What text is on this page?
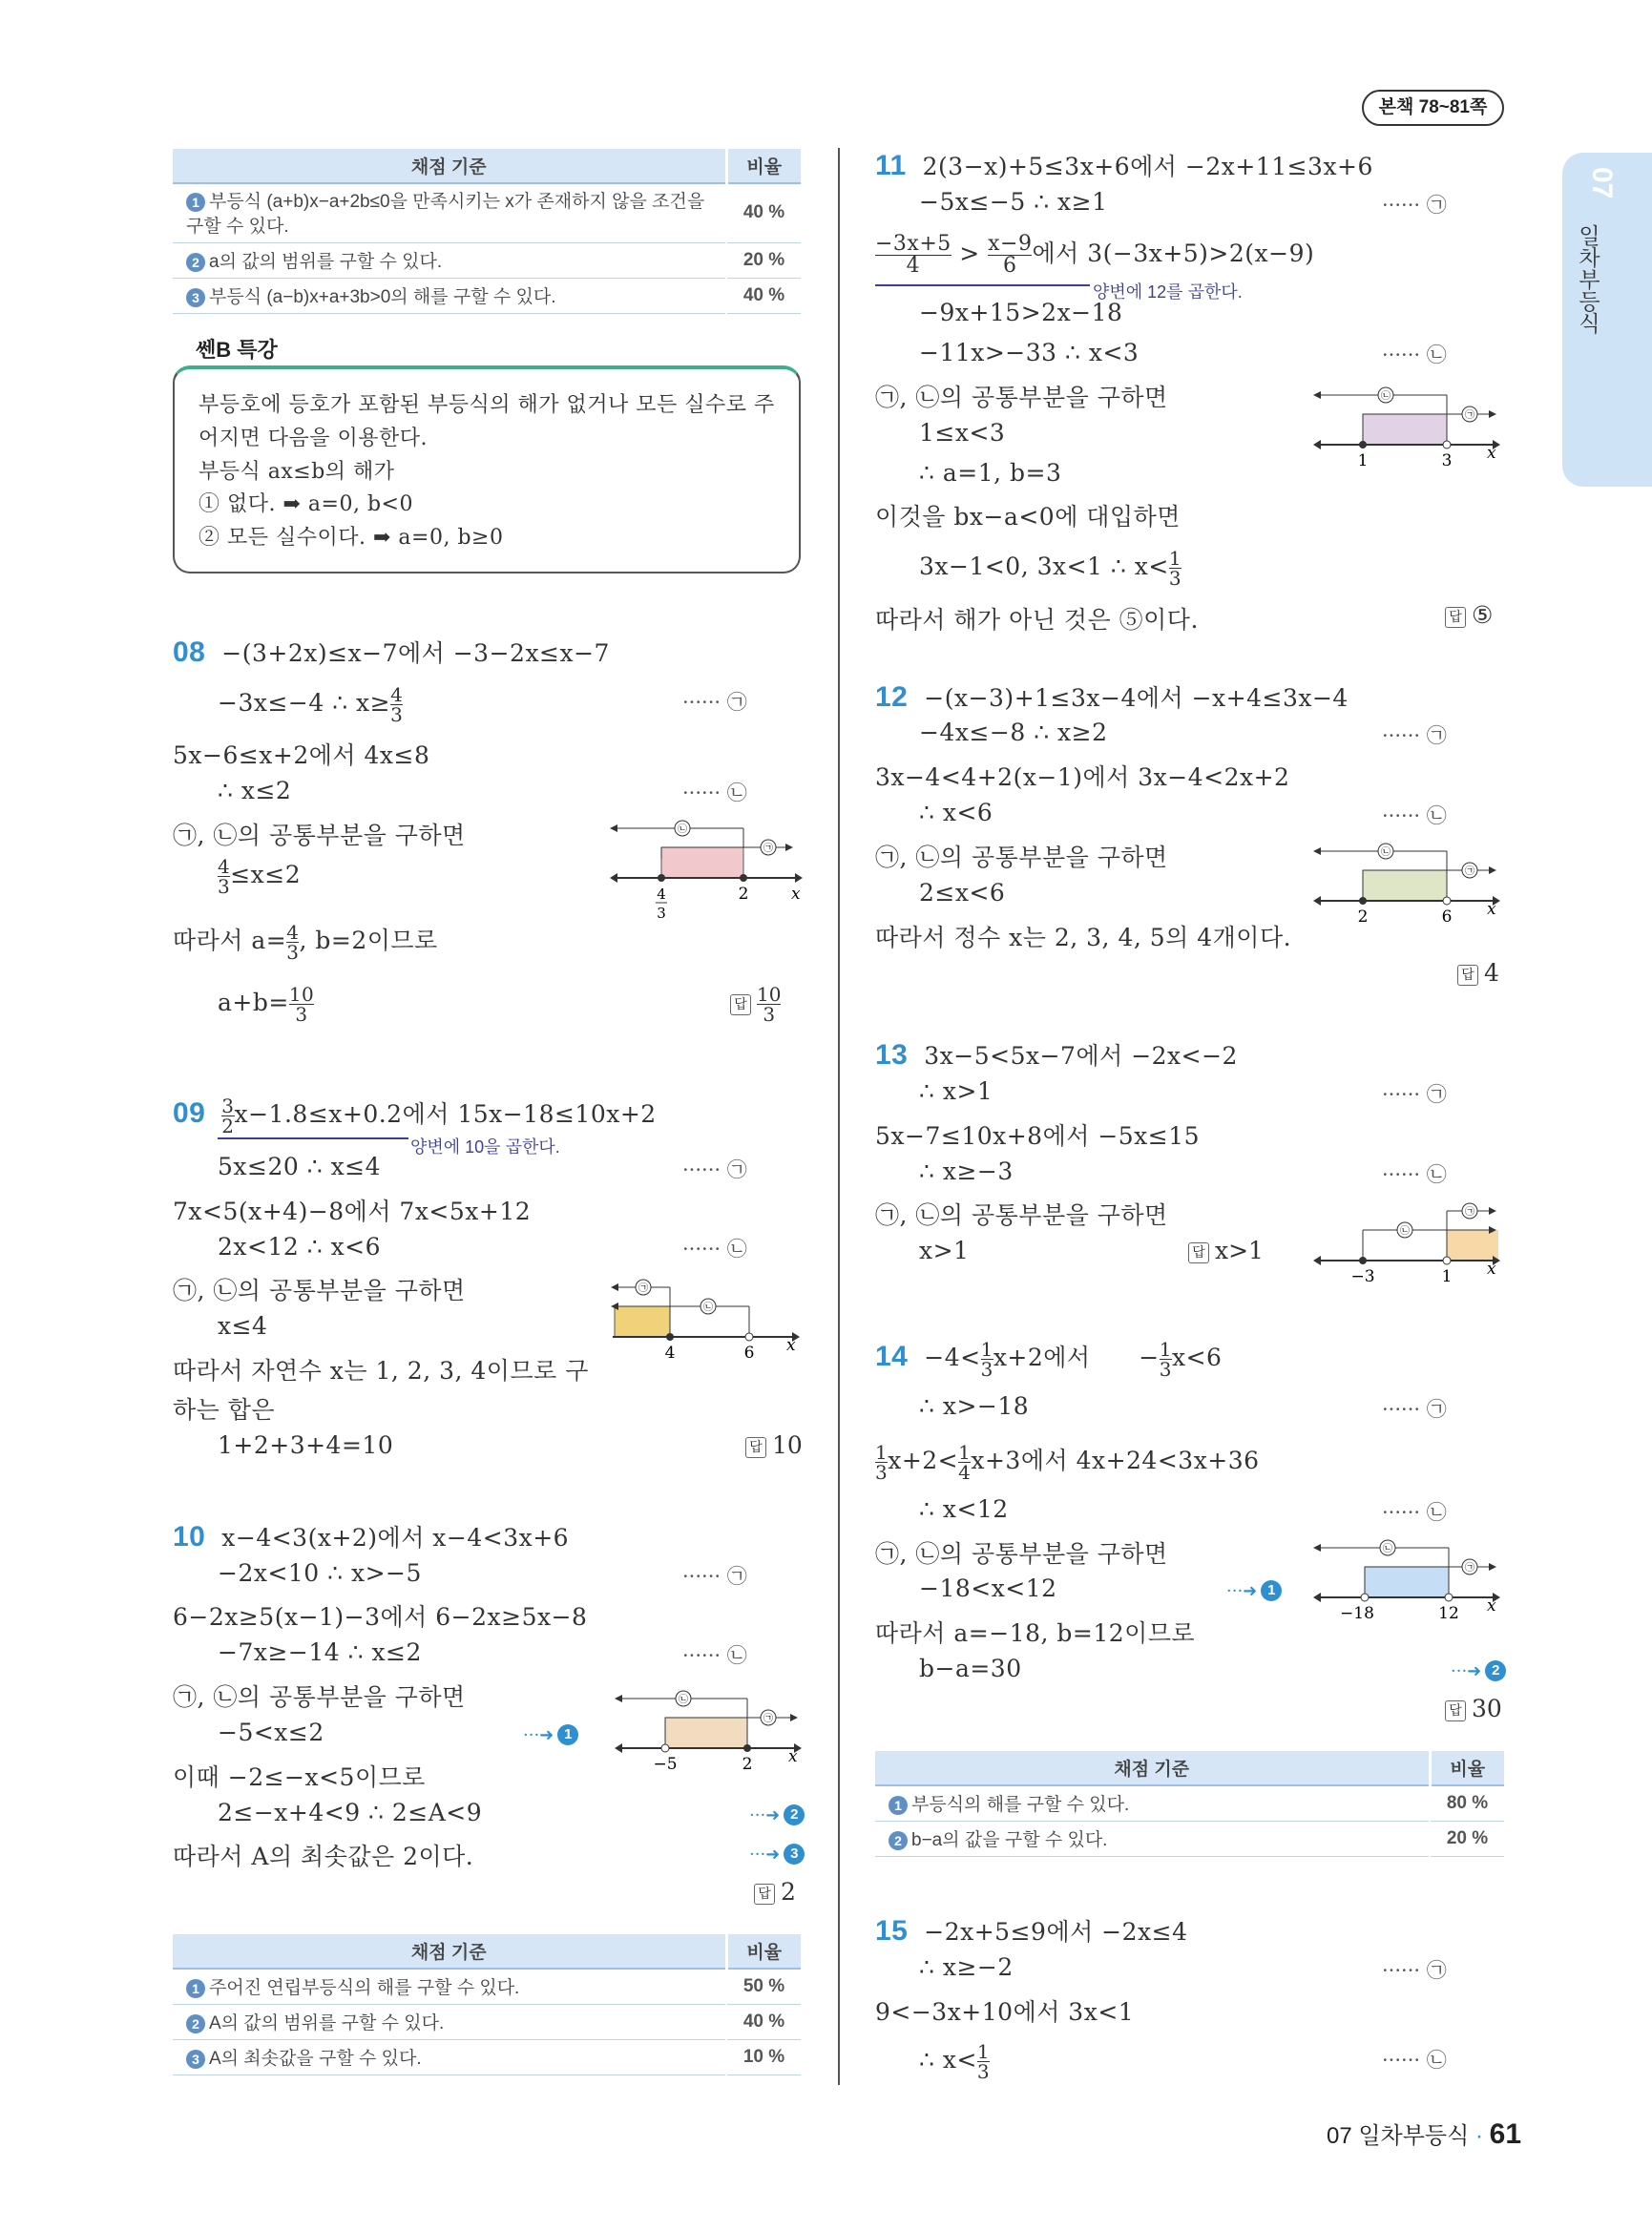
본책 78~81쪽
07
일차부등식
채점 기준	비율
1 부등식 (a+b)x−a+2b≤0을 만족시키는 x가 존재하지 않을 조건을 구할 수 있다.	40 %
2 a의 값의 범위를 구할 수 있다.	20 %
3 부등식 (a−b)x+a+3b>0의 해를 구할 수 있다.	40 %
쎈B 특강
부등호에 등호가 포함된 부등식의 해가 없거나 모든 실수로 주
어지면 다음을 이용한다.
부등식 ax≤b의 해가
① 없다. ➡ a=0, b<0
② 모든 실수이다. ➡ a=0, b≥0
08 −(3+2x)≤x−7에서 −3−2x≤x−7
−3x≤−4 ∴ $x\ge \frac{4}{3}$	······ ㉠
5x−6≤x+2에서 4x≤8
∴ x≤2	······ ㉡
㉠, ㉡의 공통부분을 구하면
$\frac{4}{3} \le x\le 2$
따라서 $a= \frac{4}{3}$ , b=2이므로
$a+b= \frac{10}{3}$	답 $\frac{10}{3}$
㉡
㉠
4
3
2	x
$09 \frac{3}{2} x-1.8\le x+0.2$에서 15x−18≤10x+2
양변에 10을 곱한다.
5x≤20 ∴ x≤4	······ ㉠
7x<5(x+4)−8에서 7x<5x+12
2x<12 ∴ x<6	······ ㉡
㉠, ㉡의 공통부분을 구하면
x≤4
따라서 자연수 x는 1, 2, 3, 4이므로 구
하는 합은
1+2+3+4=10	답 10
㉠
㉡
4	6 x
10 x−4<3(x+2)에서 x−4<3x+6
−2x<10 ∴ x>−5	······ ㉠
6−2x≥5(x−1)−3에서 6−2x≥5x−8
−7x≥−14 ∴ x≤2	······ ㉡
㉠, ㉡의 공통부분을 구하면
−5<x≤2	···➜ 1
이때 −2≤−x<5이므로
2≤−x+4<9 ∴ 2≤A<9	···➜ 2
따라서 A의 최솟값은 2이다.	···➜ 3
답 2
㉡
㉠
−5	2 x
채점 기준	비율
1 주어진 연립부등식의 해를 구할 수 있다.	50 %
2 A의 값의 범위를 구할 수 있다.	40 %
3 A의 최솟값을 구할 수 있다.	10 %
11 2(3−x)+5≤3x+6에서 −2x+11≤3x+6
−5x≤−5 ∴ x≥1	······ ㉠
$\frac{-3x+5}{4} > \frac{x-9}{6}$ 에서 3(−3x+5)>2(x−9)
양변에 12를 곱한다.
−9x+15>2x−18
−11x>−33 ∴ x<3	······ ㉡
㉠, ㉡의 공통부분을 구하면
1≤x<3
∴ a=1, b=3
이것을 bx−a<0에 대입하면
3x−1<0, 3x<1 ∴ $x< \frac{1}{3}$
따라서 해가 아닌 것은 ⑤이다.	답 ⑤
㉡
㉠
1	3 x
12 −(x−3)+1≤3x−4에서 −x+4≤3x−4
−4x≤−8 ∴ x≥2	······ ㉠
3x−4<4+2(x−1)에서 3x−4<2x+2
∴ x<6	······ ㉡
㉠, ㉡의 공통부분을 구하면
2≤x<6
따라서 정수 x는 2, 3, 4, 5의 4개이다.
답 4
㉡
㉠
2	6 x
13 3x−5<5x−7에서 −2x<−2
∴ x>1	······ ㉠
5x−7≤10x+8에서 −5x≤15
∴ x≥−3	······ ㉡
㉠, ㉡의 공통부분을 구하면
x>1	답 x>1
㉡
㉠
−3	1 x
$14 -4< \frac{1}{3} x+2$에서 − $\frac{1}{3} x<6$
∴ x>−18	······ ㉠
$\frac{1}{3} x+2< \frac{1}{4} x+3$에서 4x+24<3x+36
∴ x<12	······ ㉡
㉠, ㉡의 공통부분을 구하면
−18<x<12	···➜ 1
따라서 a=−18, b=12이므로
b−a=30	···➜ 2
답 30
㉡
㉠
−18	12 x
채점 기준	비율
1 부등식의 해를 구할 수 있다.	80 %
2 b−a의 값을 구할 수 있다.	20 %
15 −2x+5≤9에서 −2x≤4
∴ x≥−2	······ ㉠
9<−3x+10에서 3x<1
∴ $x< \frac{1}{3}$	······ ㉡
07 일차부등식 · 61
